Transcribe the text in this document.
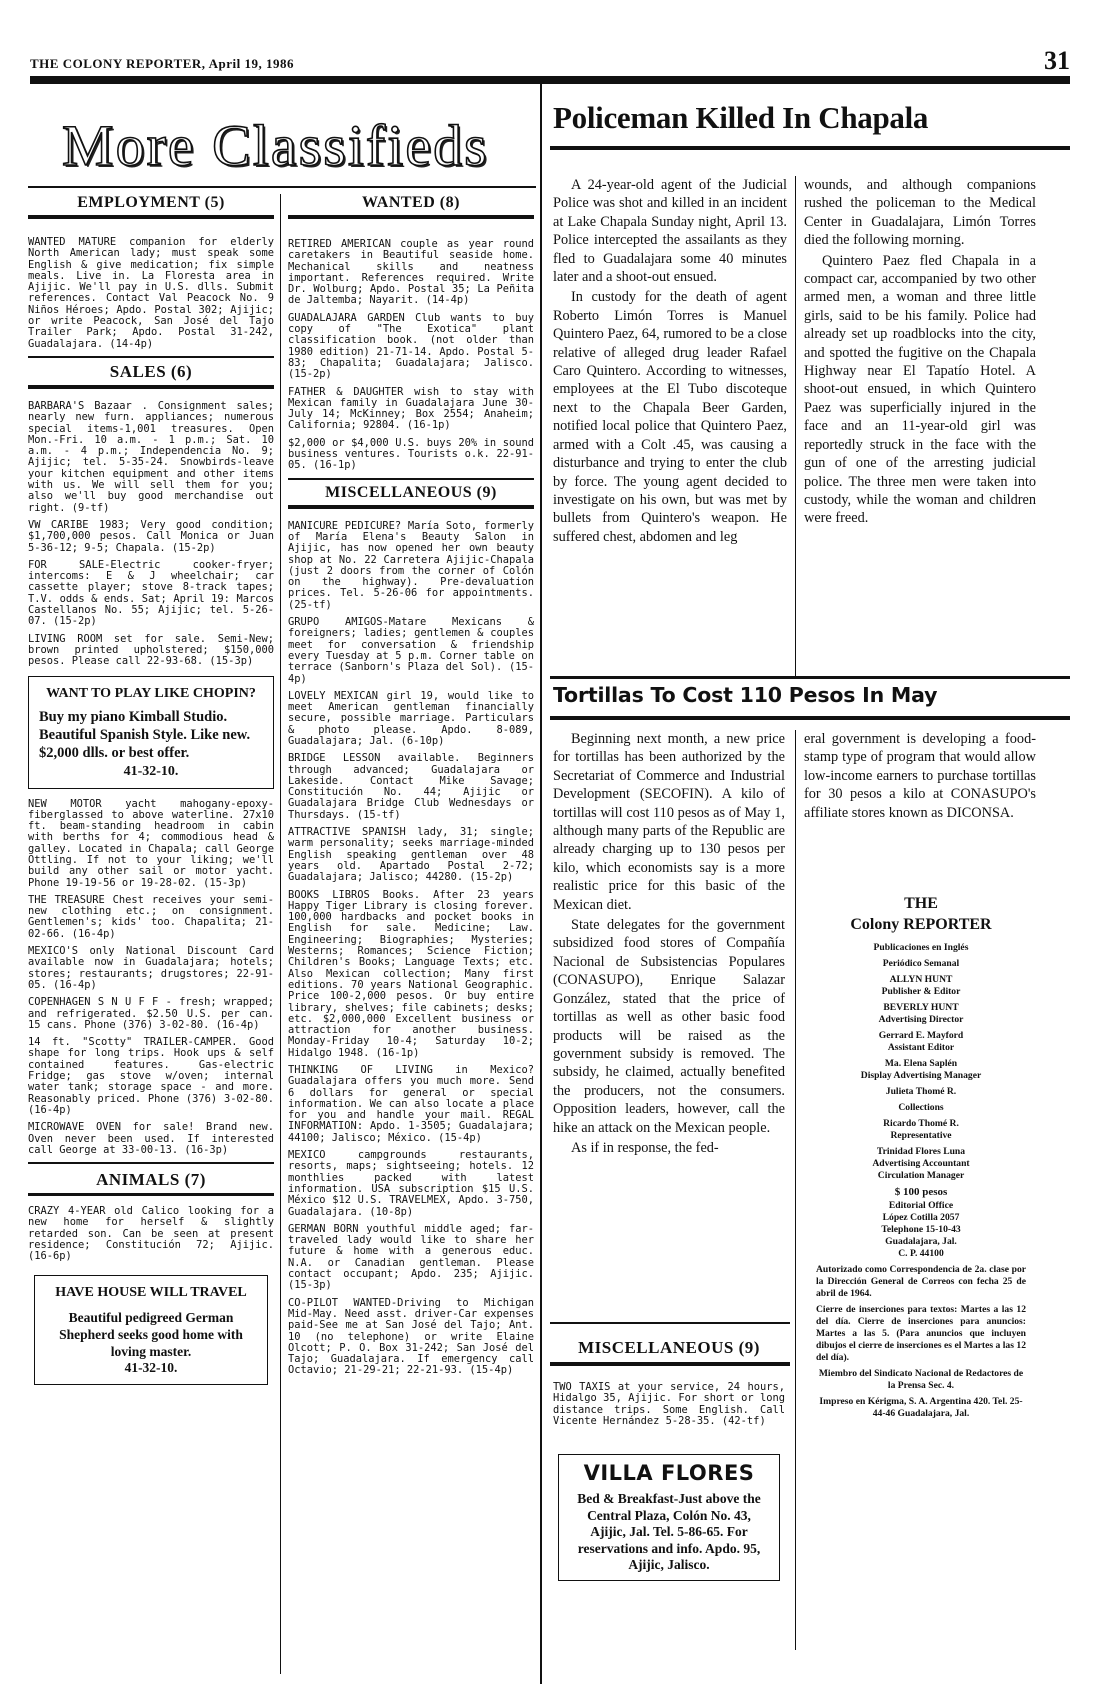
THE COLONY REPORTER, April 19, 1986	31
More Classifieds
EMPLOYMENT (5)

WANTED MATURE companion for elderly North American lady; must speak some English & give medication; fix simple meals. Live in. La Floresta area in Ajijic. We'll pay in U.S. dlls. Submit references. Contact Val Peacock No. 9 Niños Héroes; Apdo. Postal 302; Ajijic; or write Peacock, San José del Tajo Trailer Park; Apdo. Postal 31-242, Guadalajara. (14-4p)

SALES (6)

BARBARA'S Bazaar . Consignment sales; nearly new furn. appliances; numerous special items-1,001 treasures. Open Mon.-Fri. 10 a.m. - 1 p.m.; Sat. 10 a.m. - 4 p.m.; Independencia No. 9; Ajijic; tel. 5-35-24. Snowbirds-leave your kitchen equipment and other items with us. We will sell them for you; also we'll buy good merchandise out right. (9-tf)

VW CARIBE 1983; Very good condition; $1,700,000 pesos. Call Monica or Juan 5-36-12; 9-5; Chapala. (15-2p)

FOR SALE-Electric cooker-fryer; intercoms: E & J wheelchair; car cassette player; stove 8-track tapes; T.V. odds & ends. Sat; April 19: Marcos Castellanos No. 55; Ajijic; tel. 5-26-07. (15-2p)

LIVING ROOM set for sale. Semi-New; brown printed upholstered; $150,000 pesos. Please call 22-93-68. (15-3p)

WANT TO PLAY LIKE CHOPIN?
Buy my piano Kimball Studio. Beautiful Spanish Style. Like new. $2,000 dlls. or best offer.
41-32-10.

NEW MOTOR yacht mahogany-epoxy-fiberglassed to above waterline. 27x10 ft. beam-standing headroom in cabin with berths for 4; commodious head & galley. Located in Chapala; call George Ottling. If not to your liking; we'll build any other sail or motor yacht. Phone 19-19-56 or 19-28-02. (15-3p)

THE TREASURE Chest receives your semi-new clothing etc.; on consignment. Gentlemen's; kids' too. Chapalita; 21-02-66. (16-4p)

MEXICO'S only National Discount Card available now in Guadalajara; hotels; stores; restaurants; drugstores; 22-91-05. (16-4p)

COPENHAGEN S N U F F - fresh; wrapped; and refrigerated. $2.50 U.S. per can. 15 cans. Phone (376) 3-02-80. (16-4p)

14 ft. "Scotty" TRAILER-CAMPER. Good shape for long trips. Hook ups & self contained features. Gas-electric Fridge; gas stove w/oven; internal water tank; storage space - and more. Reasonably priced. Phone (376) 3-02-80. (16-4p)

MICROWAVE OVEN for sale! Brand new. Oven never been used. If interested call George at 33-00-13. (16-3p)

ANIMALS (7)

CRAZY 4-YEAR old Calico looking for a new home for herself & slightly retarded son. Can be seen at present residence; Constitución 72; Ajijic. (16-6p)

HAVE HOUSE WILL TRAVEL
Beautiful pedigreed German Shepherd seeks good home with loving master.
41-32-10.
WANTED (8)

RETIRED AMERICAN couple as year round caretakers in Beautiful seaside home. Mechanical skills and neatness important. References required. Write Dr. Wolburg; Apdo. Postal 35; La Peñita de Jaltemba; Nayarit. (14-4p)

GUADALAJARA GARDEN Club wants to buy copy of "The Exotica" plant classification book. (not older than 1980 edition) 21-71-14. Apdo. Postal 5-83; Chapalita; Guadalajara; Jalisco. (15-2p)

FATHER & DAUGHTER wish to stay with Mexican family in Guadalajara June 30-July 14; McKinney; Box 2554; Anaheim; California; 92804. (16-1p)

$2,000 or $4,000 U.S. buys 20% in sound business ventures. Tourists o.k. 22-91-05. (16-1p)

MISCELLANEOUS (9)

MANICURE PEDICURE? María Soto, formerly of María Elena's Beauty Salon in Ajijic, has now opened her own beauty shop at No. 22 Carretera Ajijic-Chapala (just 2 doors from the corner of Colón on the highway). Pre-devaluation prices. Tel. 5-26-06 for appointments. (25-tf)

GRUPO AMIGOS-Matare Mexicans & foreigners; ladies; gentlemen & couples meet for conversation & friendship every Tuesday at 5 p.m. Corner table on terrace (Sanborn's Plaza del Sol). (15-4p)

LOVELY MEXICAN girl 19, would like to meet American gentleman financially secure, possible marriage. Particulars & photo please. Apdo. 8-089, Guadalajara; Jal. (6-10p)

BRIDGE LESSON available. Beginners through advanced; Guadalajara or Lakeside. Contact Mike Savage; Constitución No. 44; Ajijic or Guadalajara Bridge Club Wednesdays or Thursdays. (15-tf)

ATTRACTIVE SPANISH lady, 31; single; warm personality; seeks marriage-minded English speaking gentleman over 48 years old. Apartado Postal 2-72; Guadalajara; Jalisco; 44280. (15-2p)

BOOKS LIBROS Books. After 23 years Happy Tiger Library is closing forever. 100,000 hardbacks and pocket books in English for sale. Medicine; Law. Engineering; Biographies; Mysteries; Westerns; Romances; Science Fiction; Children's Books; Language Texts; etc. Also Mexican collection; Many first editions. 70 years National Geographic. Price 100-2,000 pesos. Or buy entire library, shelves; file cabinets; desks; etc. $2,000,000 Excellent business or attraction for another business. Monday-Friday 10-4; Saturday 10-2; Hidalgo 1948. (16-1p)

THINKING OF LIVING in Mexico? Guadalajara offers you much more. Send 6 dollars for general or special information. We can also locate a place for you and handle your mail. REGAL INFORMATION: Apdo. 1-3505; Guadalajara; 44100; Jalisco; México. (15-4p)

MEXICO campgrounds restaurants, resorts, maps; sightseeing; hotels. 12 monthlies packed with latest information. USA subscription $15 U.S. México $12 U.S. TRAVELMEX, Apdo. 3-750, Guadalajara. (10-8p)

GERMAN BORN youthful middle aged; far-traveled lady would like to share her future & home with a generous educ. N.A. or Canadian gentleman. Please contact occupant; Apdo. 235; Ajijic. (15-3p)

CO-PILOT WANTED-Driving to Michigan Mid-May. Need asst. driver-Car expenses paid-See me at San José del Tajo; Ant. 10 (no telephone) or write Elaine Olcott; P. O. Box 31-242; San José del Tajo; Guadalajara. If emergency call Octavio; 21-29-21; 22-21-93. (15-4p)

Policeman Killed In Chapala

A 24-year-old agent of the Judicial Police was shot and killed in an incident at Lake Chapala Sunday night, April 13. Police intercepted the assailants as they fled to Guadalajara some 40 minutes later and a shoot-out ensued.

In custody for the death of agent Roberto Limón Torres is Manuel Quintero Paez, 64, rumored to be a close relative of alleged drug leader Rafael Caro Quintero. According to witnesses, employees at the El Tubo discoteque next to the Chapala Beer Garden, notified local police that Quintero Paez, armed with a Colt .45, was causing a disturbance and trying to enter the club by force. The young agent decided to investigate on his own, but was met by bullets from Quintero's weapon. He suffered chest, abdomen and leg

wounds, and although companions rushed the policeman to the Medical Center in Guadalajara, Limón Torres died the following morning.

Quintero Paez fled Chapala in a compact car, accompanied by two other armed men, a woman and three little girls, said to be his family. Police had already set up roadblocks into the city, and spotted the fugitive on the Chapala Highway near El Tapatío Hotel. A shoot-out ensued, in which Quintero Paez was superficially injured in the face and an 11-year-old girl was reportedly struck in the face with the gun of one of the arresting judicial police. The three men were taken into custody, while the woman and children were freed.

Tortillas To Cost 110 Pesos In May

Beginning next month, a new price for tortillas has been authorized by the Secretariat of Commerce and Industrial Development (SECOFIN). A kilo of tortillas will cost 110 pesos as of May 1, although many parts of the Republic are already charging up to 130 pesos per kilo, which economists say is a more realistic price for this basic of the Mexican diet.

State delegates for the government subsidized food stores of Compañía Nacional de Subsistencias Populares (CONASUPO), Enrique Salazar González, stated that the price of tortillas as well as other basic food products will be raised as the government subsidy is removed. The subsidy, he claimed, actually benefited the producers, not the consumers. Opposition leaders, however, call the hike an attack on the Mexican people.

As if in response, the fed-

eral government is developing a food-stamp type of program that would allow low-income earners to purchase tortillas for 30 pesos a kilo at CONASUPO's affiliate stores known as DICONSA.

MISCELLANEOUS (9)

TWO TAXIS at your service, 24 hours, Hidalgo 35, Ajijic. For short or long distance trips. Some English. Call Vicente Hernández 5-28-35. (42-tf)

VILLA FLORES
Bed & Breakfast-Just above the Central Plaza, Colón No. 43, Ajijic, Jal. Tel. 5-86-65. For reservations and info. Apdo. 95, Ajijic, Jalisco.
THE
Colony REPORTER

Publicaciones en Inglés

Periódico Semanal

ALLYN HUNT

Publisher & Editor

BEVERLY HUNT

Advertising Director

Gerrard E. Mayford

Assistant Editor

Ma. Elena Saplén

Display Advertising Manager

Julieta Thomé R.

Collections

Ricardo Thomé R.

Representative

Trinidad Flores Luna

Advertising Accountant

Circulation Manager

$ 100 pesos

Editorial Office

López Cotilla 2057

Telephone 15-10-43

Guadalajara, Jal.

C. P. 44100

Autorizado como Correspondencia de 2a. clase por la Dirección General de Correos con fecha 25 de abril de 1964.

Cierre de inserciones para textos: Martes a las 12 del día. Cierre de inserciones para anuncios: Martes a las 5. (Para anuncios que incluyen dibujos el cierre de inserciones es el Martes a las 12 del día).

Miembro del Sindicato Nacional de Redactores de la Prensa Sec. 4.

Impreso en Kérigma, S. A. Argentina 420. Tel. 25-44-46 Guadalajara, Jal.
